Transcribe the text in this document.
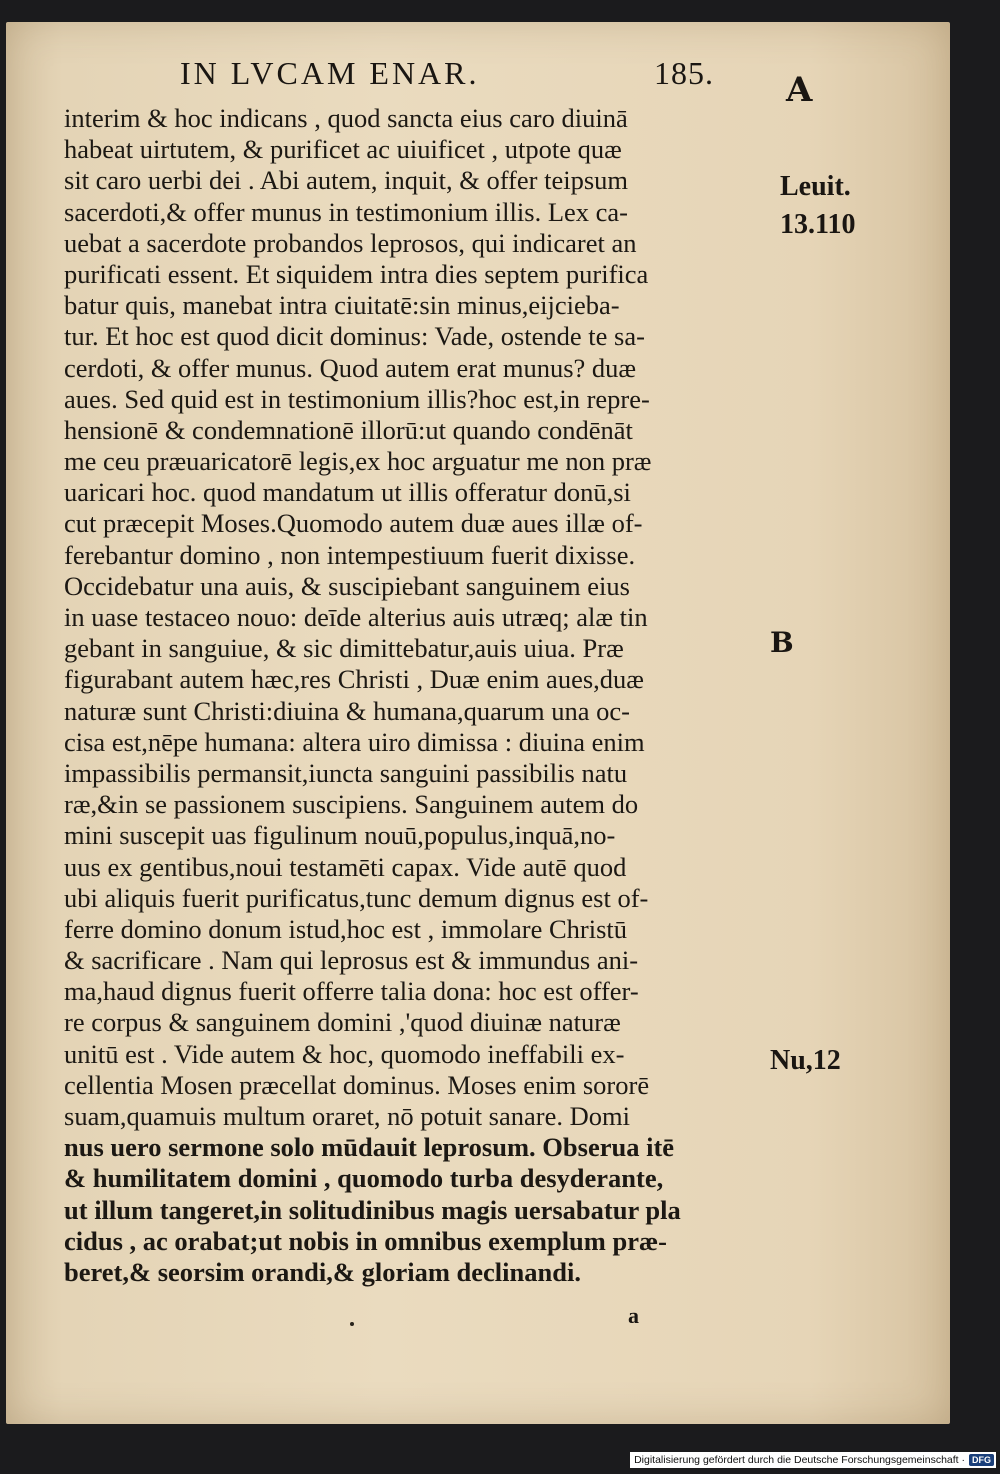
IN LVCAM ENAR.	185. A
B
Leuit.
13.110
Nu,12
interim & hoc indicans , quod sancta eius caro diuinā
habeat uirtutem, & purificet ac uiuificet , utpote quæ
sit caro uerbi dei . Abi autem, inquit, & offer teipsum
sacerdoti,& offer munus in testimonium illis. Lex ca-
uebat a sacerdote probandos leprosos, qui indicaret an
purificati essent. Et siquidem intra dies septem purifica
batur quis, manebat intra ciuitatē:sin minus,eijcieba-
tur. Et hoc est quod dicit dominus: Vade, ostende te sa-
cerdoti, & offer munus. Quod autem erat munus? duæ
aues. Sed quid est in testimonium illis?hoc est,in repre-
hensionē & condemnationē illorū:ut quando condēnāt
me ceu præuaricatorē legis,ex hoc arguatur me non præ
uaricari hoc. quod mandatum ut illis offeratur donū,si
cut præcepit Moses.Quomodo autem duæ aues illæ of-
ferebantur domino , non intempestiuum fuerit dixisse.
Occidebatur una auis, & suscipiebant sanguinem eius
in uase testaceo nouo: deīde alterius auis utræq; alæ tin
gebant in sanguiue, & sic dimittebatur,auis uiua. Præ
figurabant autem hæc,res Christi , Duæ enim aues,duæ
naturæ sunt Christi:diuina & humana,quarum una oc-
cisa est,nēpe humana: altera uiro dimissa : diuina enim
impassibilis permansit,iuncta sanguini passibilis natu
ræ,&in se passionem suscipiens. Sanguinem autem do
mini suscepit uas figulinum nouū,populus,inquā,no-
uus ex gentibus,noui testamēti capax. Vide autē quod
ubi aliquis fuerit purificatus,tunc demum dignus est of-
ferre domino donum istud,hoc est , immolare Christū
& sacrificare . Nam qui leprosus est & immundus ani-
ma,haud dignus fuerit offerre talia dona: hoc est offer-
re corpus & sanguinem domini ,'quod diuinæ naturæ
unitū est . Vide autem & hoc, quomodo ineffabili ex-
cellentia Mosen præcellat dominus. Moses enim sororē
suam,quamuis multum oraret, nō potuit sanare. Domi
nus uero sermone solo mūdauit leprosum. Obserua itē
& humilitatem domini , quomodo turba desyderante,
ut illum tangeret,in solitudinibus magis uersabatur pla
cidus , ac orabat;ut nobis in omnibus exemplum præ-
beret,& seorsim orandi,& gloriam declinandi.
a
Digitalisierung gefördert durch die Deutsche Forschungsgemeinschaft · DFG
